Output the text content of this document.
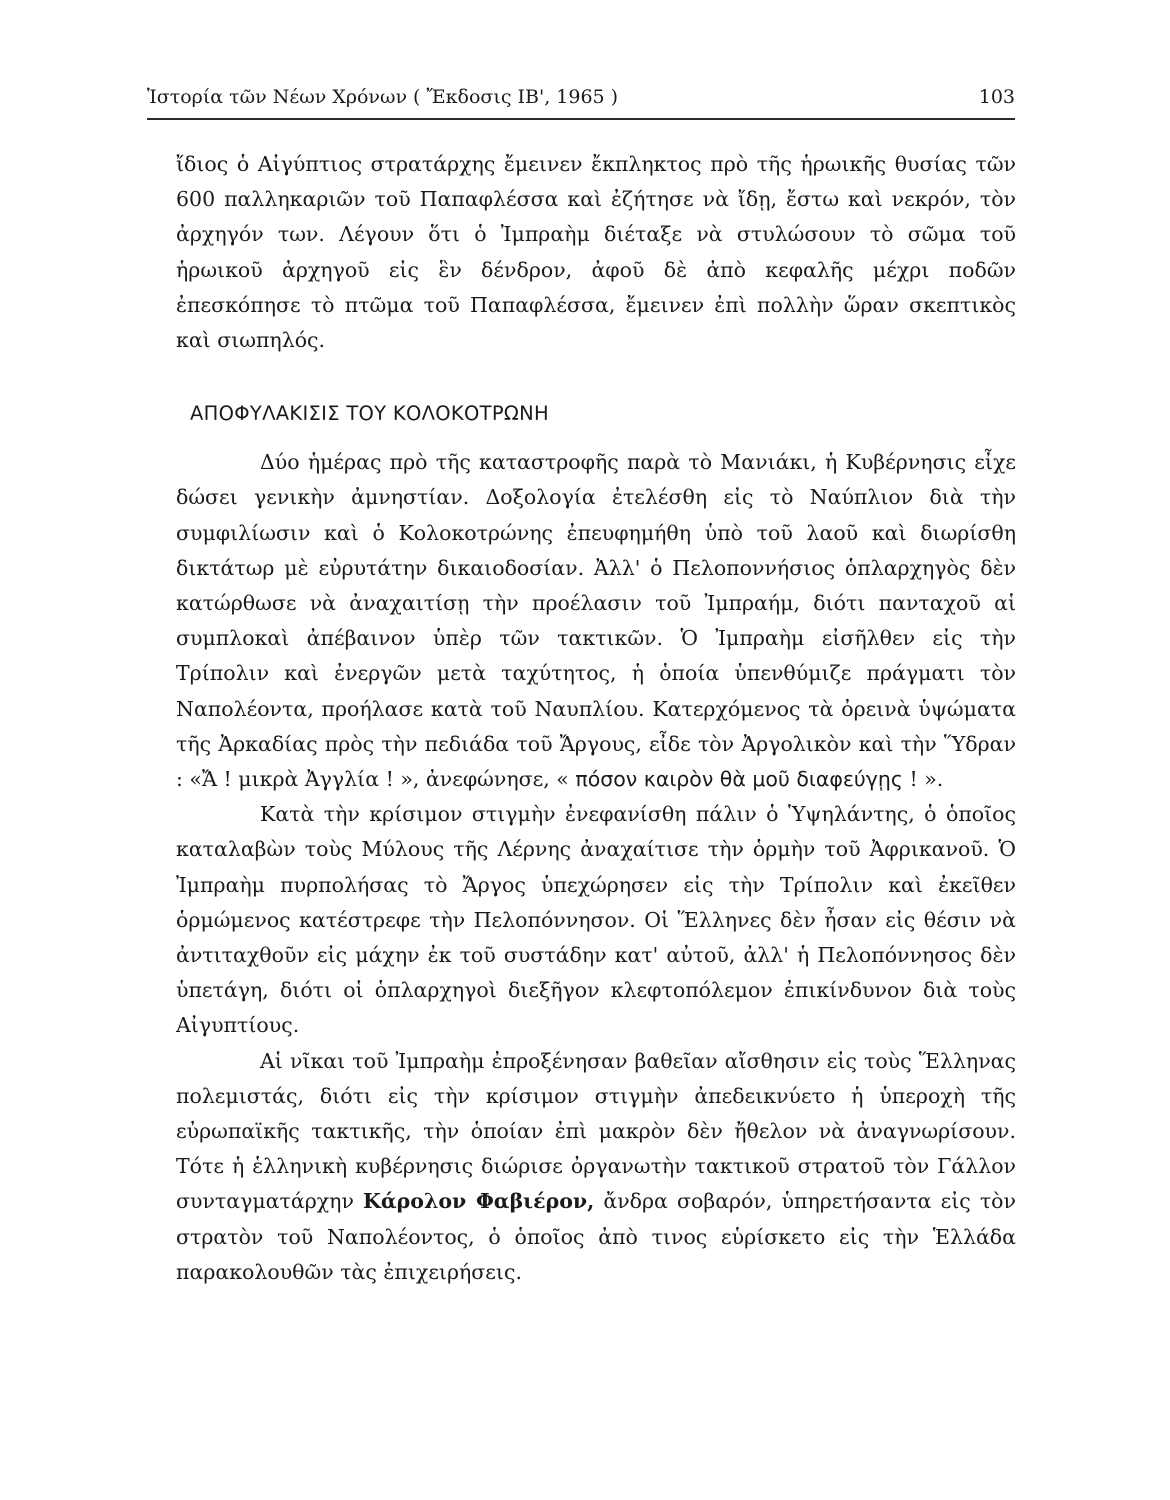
Ἱστορία τῶν Νέων Χρόνων ( Ἔκδοσις ΙΒ', 1965 )	103

ἴδιος ὁ Αἰγύπτιος στρατάρχης ἔμεινεν ἔκπληκτος πρὸ τῆς ἡρωικῆς θυσίας τῶν 600 παλληκαριῶν τοῦ Παπαφλέσσα καὶ ἐζήτησε νὰ ἴδῃ, ἔστω καὶ νεκρόν, τὸν ἀρχηγόν των. Λέγουν ὅτι ὁ Ἰμπραὴμ διέταξε νὰ στυλώσουν τὸ σῶμα τοῦ ἡρωικοῦ ἀρχηγοῦ εἰς ἓν δένδρον, ἀφοῦ δὲ ἀπὸ κεφαλῆς μέχρι ποδῶν ἐπεσκόπησε τὸ πτῶμα τοῦ Παπαφλέσσα, ἔμεινεν ἐπὶ πολλὴν ὥραν σκεπτικὸς καὶ σιωπηλός.

ΑΠΟΦΥΛΑΚΙΣΙΣ ΤΟΥ ΚΟΛΟΚΟΤΡΩΝΗ

Δύο ἡμέρας πρὸ τῆς καταστροφῆς παρὰ τὸ Μανιάκι, ἡ Κυβέρνησις εἶχε δώσει γενικὴν ἀμνηστίαν. Δοξολογία ἐτελέσθη εἰς τὸ Ναύπλιον διὰ τὴν συμφιλίωσιν καὶ ὁ Κολοκοτρώνης ἐπευφημήθη ὑπὸ τοῦ λαοῦ καὶ διωρίσθη δικτάτωρ μὲ εὐρυτάτην δικαιοδοσίαν. Ἀλλ' ὁ Πελοποννήσιος ὁπλαρχηγὸς δὲν κατώρθωσε νὰ ἀναχαιτίσῃ τὴν προέλασιν τοῦ Ἰμπραήμ, διότι πανταχοῦ αἱ συμπλοκαὶ ἀπέβαινον ὑπὲρ τῶν τακτικῶν. Ὁ Ἰμπραὴμ εἰσῆλθεν εἰς τὴν Τρίπολιν καὶ ἐνεργῶν μετὰ ταχύτητος, ἡ ὁποία ὑπενθύμιζε πράγματι τὸν Ναπολέοντα, προήλασε κατὰ τοῦ Ναυπλίου. Κατερχόμενος τὰ ὀρεινὰ ὑψώματα τῆς Ἀρκαδίας πρὸς τὴν πεδιάδα τοῦ Ἄργους, εἶδε τὸν Ἀργολικὸν καὶ τὴν Ὕδραν : «Ἄ ! μικρὰ Ἀγγλία ! », ἀνεφώνησε, « πόσον καιρὸν θὰ μοῦ διαφεύγῃς ! ».

Κατὰ τὴν κρίσιμον στιγμὴν ἐνεφανίσθη πάλιν ὁ Ὑψηλάντης, ὁ ὁποῖος καταλαβὼν τοὺς Μύλους τῆς Λέρνης ἀναχαίτισε τὴν ὁρμὴν τοῦ Ἀφρικανοῦ. Ὁ Ἰμπραὴμ πυρπολήσας τὸ Ἄργος ὑπεχώρησεν εἰς τὴν Τρίπολιν καὶ ἐκεῖθεν ὁρμώμενος κατέστρεφε τὴν Πελοπόννησον. Οἱ Ἕλληνες δὲν ἦσαν εἰς θέσιν νὰ ἀντιταχθοῦν εἰς μάχην ἐκ τοῦ συστάδην κατ' αὐτοῦ, ἀλλ' ἡ Πελοπόννησος δὲν ὑπετάγη, διότι οἱ ὁπλαρχηγοὶ διεξῆγον κλεφτοπόλεμον ἐπικίνδυνον διὰ τοὺς Αἰγυπτίους.

Αἱ νῖκαι τοῦ Ἰμπραὴμ ἐπροξένησαν βαθεῖαν αἴσθησιν εἰς τοὺς Ἕλληνας πολεμιστάς, διότι εἰς τὴν κρίσιμον στιγμὴν ἀπεδεικνύετο ἡ ὑπεροχὴ τῆς εὐρωπαϊκῆς τακτικῆς, τὴν ὁποίαν ἐπὶ μακρὸν δὲν ἤθελον νὰ ἀναγνωρίσουν. Τότε ἡ ἑλληνικὴ κυβέρνησις διώρισε ὀργανωτὴν τακτικοῦ στρατοῦ τὸν Γάλλον συνταγματάρχην Κάρολον Φαβιέρον, ἄνδρα σοβαρόν, ὑπηρετήσαντα εἰς τὸν στρατὸν τοῦ Ναπολέοντος, ὁ ὁποῖος ἀπὸ τινος εὑρίσκετο εἰς τὴν Ἑλλάδα παρακολουθῶν τὰς ἐπιχειρήσεις.
